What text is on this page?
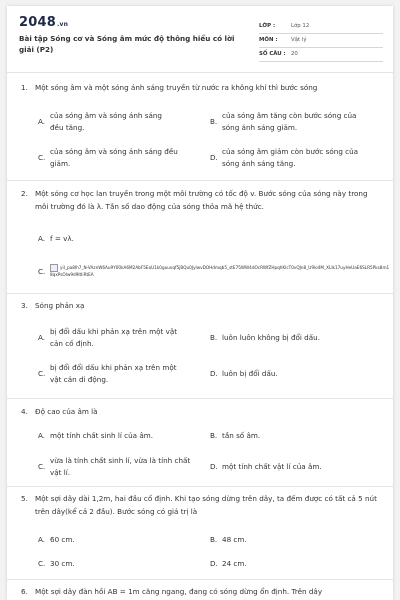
2048.vn
Bài tập Sóng cơ và Sóng âm mức độ thông hiểu có lời giải (P2)
LỚP :	Lớp 12
MÔN :	Vật lý
SỐ CÂU : 20
1. Một sóng âm và một sóng ánh sáng truyền từ nước ra không khí thì bước sóng
A.
của sóng âm và sóng ánh sáng đều tăng.
B.
của sóng âm tăng còn bước sóng của sóng ánh sáng giảm.
C.
của sóng âm và sóng ánh sáng đều giảm.
D.
của sóng âm giảm còn bước sóng của sóng ánh sáng tăng.
2. Một sóng cơ học lan truyền trong một môi trường có tốc độ v. Bước sóng của sóng này trong môi trường đó là λ. Tần số dao động của sóng thỏa mã hệ thức.
A. f = vλ.
C.	yiI_pa8Ih7_N-VAznW6Au9Y00kA6M2AbF5EoU1k0guuvqf5jBQu0JylwvDOHdmqb5_stE75WW4dOcRWfZHpqhKlcT0vQJn8_U9lo4M_XLIk17uyHeUaE6SLR5Pks8m18qxPsOIw9d9ltIiRtEA
3. Sóng phản xạ
A.
bị đổi dấu khi phản xạ trên một vật cản cố định.
B. luôn luôn không bị đổi dấu.
C.
bị đổi đổi dấu khi phản xạ trên một vật cản di động.
D. luôn bị đổi dấu.
4. Độ cao của âm là
A. một tính chất sinh lí của âm.	B. tần số âm.
C.
vừa là tính chất sinh lí, vừa là tính chất vật lí.
D. một tính chất vật lí của âm.
5. Một sợi dây dài 1,2m, hai đầu cố định. Khi tạo sóng dừng trên dây, ta đếm được có tất cả 5 nút trên dây(kể cả 2 đầu). Bước sóng có giá trị là
A. 60 cm.	B. 48 cm.
C. 30 cm.	D. 24 cm.
6. Một sợi dây đàn hồi AB = 1m căng ngang, đang có sóng dừng ổn định. Trên dây
